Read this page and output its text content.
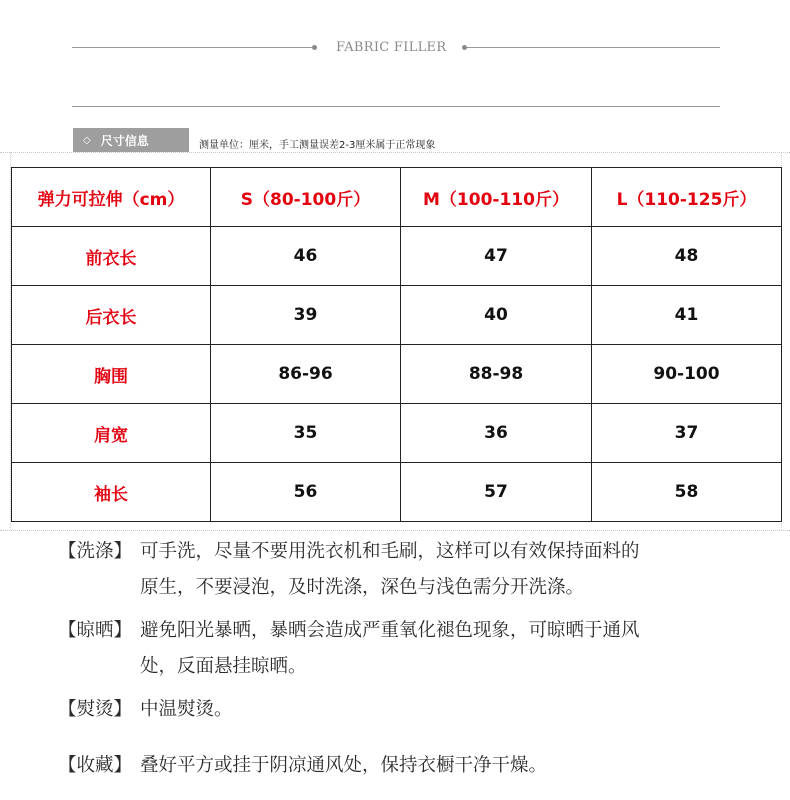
FABRIC FILLER
◇ 尺寸信息	测量单位：厘米，手工测量误差2-3厘米属于正常现象
弹力可拉伸（cm）	S（80-100斤）	M（100-110斤）	L（110-125斤）
前衣长	46	47	48
后衣长	39	40	41
胸围	86-96	88-98	90-100
肩宽	35	36	37
袖长	56	57	58
【洗涤】 可手洗，尽量不要用洗衣机和毛刷，这样可以有效保持面料的
原生，不要浸泡，及时洗涤，深色与浅色需分开洗涤。
【晾晒】 避免阳光暴晒，暴晒会造成严重氧化褪色现象，可晾晒于通风
处，反面悬挂晾晒。
【熨烫】 中温熨烫。
【收藏】 叠好平方或挂于阴凉通风处，保持衣橱干净干燥。
